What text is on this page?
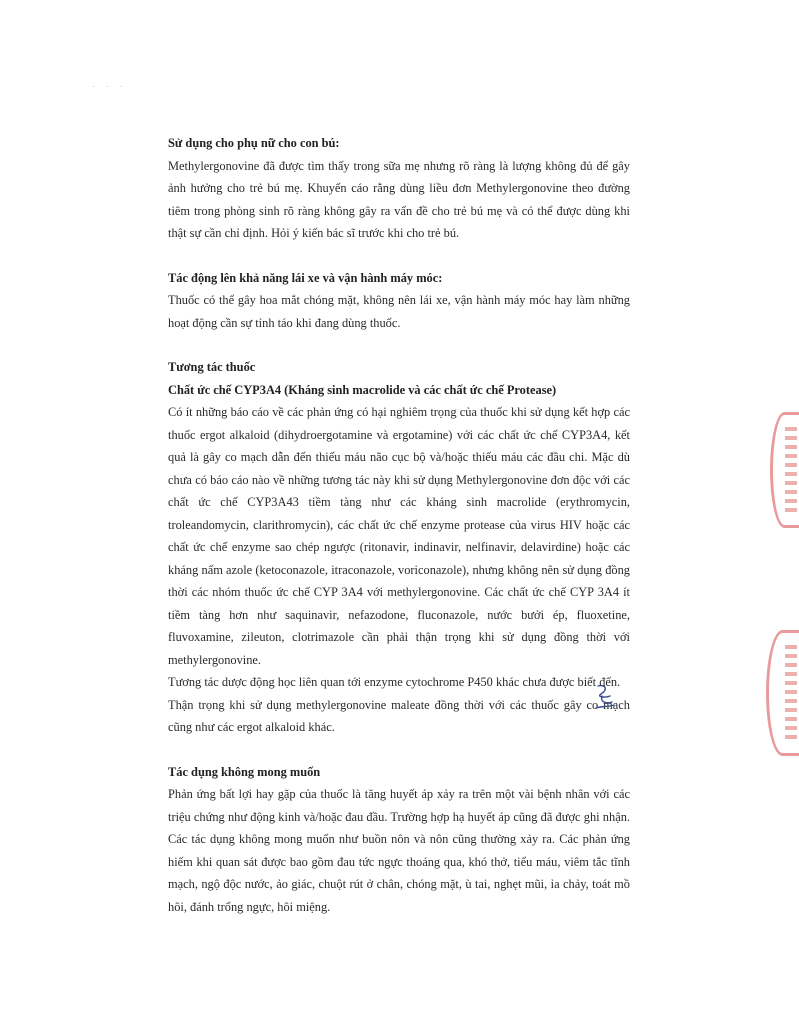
· · ·

Sử dụng cho phụ nữ cho con bú:

Methylergonovine đã được tìm thấy trong sữa mẹ nhưng rõ ràng là lượng không đủ để gây ảnh hưởng cho trẻ bú mẹ. Khuyến cáo rằng dùng liều đơn Methylergonovine theo đường tiêm trong phòng sinh rõ ràng không gây ra vấn đề cho trẻ bú mẹ và có thể được dùng khi thật sự cần chỉ định. Hỏi ý kiến bác sĩ trước khi cho trẻ bú.

Tác động lên khả năng lái xe và vận hành máy móc:

Thuốc có thể gây hoa mắt chóng mặt, không nên lái xe, vận hành máy móc hay làm những hoạt động cần sự tỉnh táo khi đang dùng thuốc.

Tương tác thuốc

Chất ức chế CYP3A4 (Kháng sinh macrolide và các chất ức chế Protease)

Có ít những báo cáo về các phản ứng có hại nghiêm trọng của thuốc khi sử dụng kết hợp các thuốc ergot alkaloid (dihydroergotamine và ergotamine) với các chất ức chế CYP3A4, kết quả là gây co mạch dẫn đến thiếu máu não cục bộ và/hoặc thiếu máu các đầu chi. Mặc dù chưa có báo cáo nào về những tương tác này khi sử dụng Methylergonovine đơn độc với các chất ức chế CYP3A43 tiềm tàng như các kháng sinh macrolide (erythromycin, troleandomycin, clarithromycin), các chất ức chế enzyme protease của virus HIV hoặc các chất ức chế enzyme sao chép ngược (ritonavir, indinavir, nelfinavir, delavirdine) hoặc các kháng nấm azole (ketoconazole, itraconazole, voriconazole), nhưng không nên sử dụng đồng thời các nhóm thuốc ức chế CYP 3A4 với methylergonovine. Các chất ức chế CYP 3A4 ít tiềm tàng hơn như saquinavir, nefazodone, fluconazole, nước bưởi ép, fluoxetine, fluvoxamine, zileuton, clotrimazole cần phải thận trọng khi sử dụng đồng thời với methylergonovine.

Tương tác dược động học liên quan tới enzyme cytochrome P450 khác chưa được biết đến.

Thận trọng khi sử dụng methylergonovine maleate đồng thời với các thuốc gây co mạch cũng như các ergot alkaloid khác.

Tác dụng không mong muốn

Phản ứng bất lợi hay gặp của thuốc là tăng huyết áp xảy ra trên một vài bệnh nhân với các triệu chứng như động kinh và/hoặc đau đầu. Trường hợp hạ huyết áp cũng đã được ghi nhận. Các tác dụng không mong muốn như buồn nôn và nôn cũng thường xảy ra. Các phản ứng hiếm khi quan sát được bao gồm đau tức ngực thoáng qua, khó thở, tiểu máu, viêm tắc tĩnh mạch, ngộ độc nước, ảo giác, chuột rút ở chân, chóng mặt, ù tai, nghẹt mũi, ỉa chảy, toát mồ hôi, đánh trống ngực, hôi miệng.
